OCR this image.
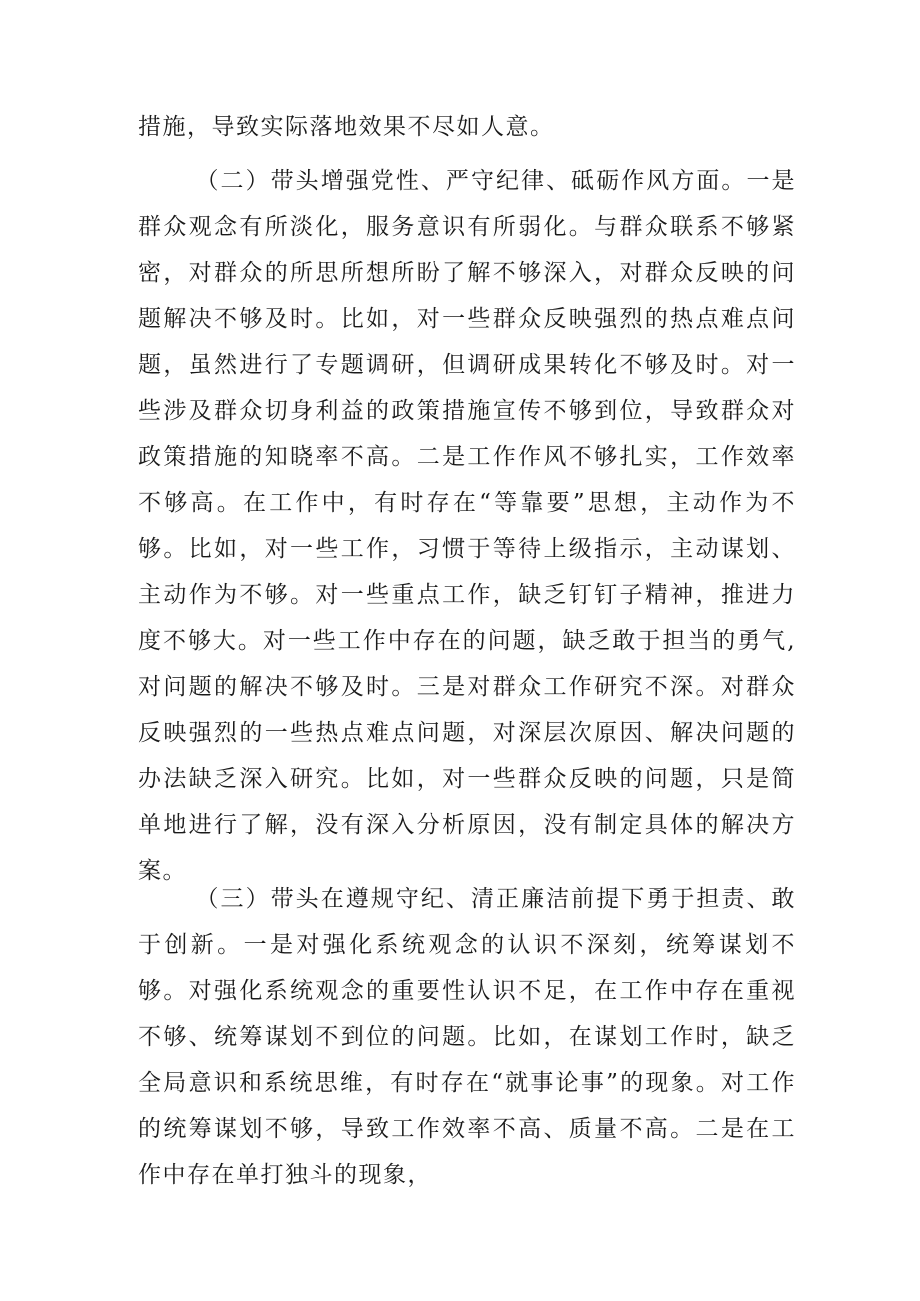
措施，导致实际落地效果不尽如人意。

（二）带头增强党性、严守纪律、砥砺作风方面。一是群众观念有所淡化，服务意识有所弱化。与群众联系不够紧密，对群众的所思所想所盼了解不够深入，对群众反映的问题解决不够及时。比如，对一些群众反映强烈的热点难点问题，虽然进行了专题调研，但调研成果转化不够及时。对一些涉及群众切身利益的政策措施宣传不够到位，导致群众对政策措施的知晓率不高。二是工作作风不够扎实，工作效率不够高。在工作中，有时存在“等靠要”思想，主动作为不够。比如，对一些工作，习惯于等待上级指示，主动谋划、主动作为不够。对一些重点工作，缺乏钉钉子精神，推进力度不够大。对一些工作中存在的问题，缺乏敢于担当的勇气,对问题的解决不够及时。三是对群众工作研究不深。对群众反映强烈的一些热点难点问题，对深层次原因、解决问题的办法缺乏深入研究。比如，对一些群众反映的问题，只是简单地进行了解，没有深入分析原因，没有制定具体的解决方案。

（三）带头在遵规守纪、清正廉洁前提下勇于担责、敢于创新。一是对强化系统观念的认识不深刻，统筹谋划不够。对强化系统观念的重要性认识不足，在工作中存在重视不够、统筹谋划不到位的问题。比如，在谋划工作时，缺乏全局意识和系统思维，有时存在“就事论事”的现象。对工作的统筹谋划不够，导致工作效率不高、质量不高。二是在工作中存在单打独斗的现象，
